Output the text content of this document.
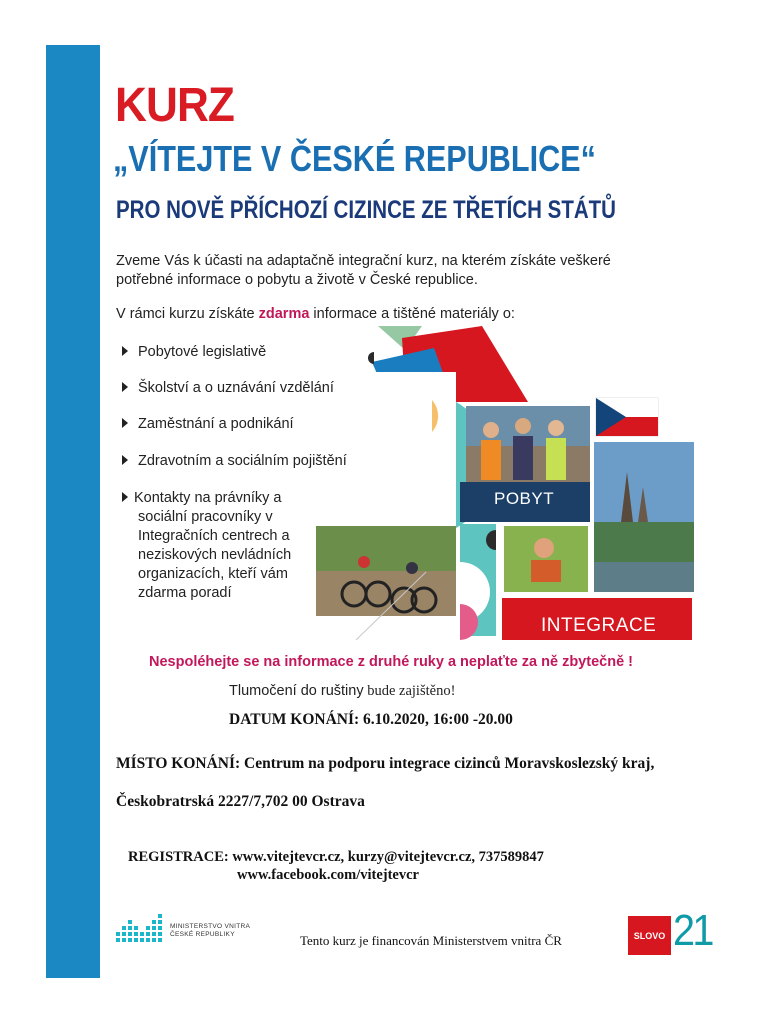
KURZ
„VÍTEJTE V ČESKÉ REPUBLICE“
PRO NOVĚ PŘÍCHOZÍ CIZINCE ZE TŘETÍCH STÁTŮ
Zveme Vás k účasti na adaptačně integrační kurz, na kterém získáte veškeré potřebné informace o pobytu a životě v České republice.
V rámci kurzu získáte zdarma informace a tištěné materiály o:
Pobytové legislativě
Školství a o uznávání vzdělání
Zaměstnání a podnikání
Zdravotním a sociálním pojištění
Kontakty na právníky a
sociální pracovníky v Integračních centrech a neziskových nevládních organizacích, kteří vám zdarma poradí
POBYT
INTEGRACE
Nespoléhejte se na informace z druhé ruky a neplaťte za ně zbytečně !
Tlumočení do ruštiny bude zajištěno!
DATUM KONÁNÍ: 6.10.2020, 16:00 -20.00
MÍSTO KONÁNÍ: Centrum na podporu integrace cizinců Moravskoslezský kraj,
Českobratrská 2227/7,702 00 Ostrava
REGISTRACE: www.vitejtevcr.cz, kurzy@vitejtevcr.cz, 737589847
www.facebook.com/vitejtevcr
MINISTERSTVO VNITRA
ČESKÉ REPUBLIKY	Tento kurz je financován Ministerstvem vnitra ČR	SLOVO 21
